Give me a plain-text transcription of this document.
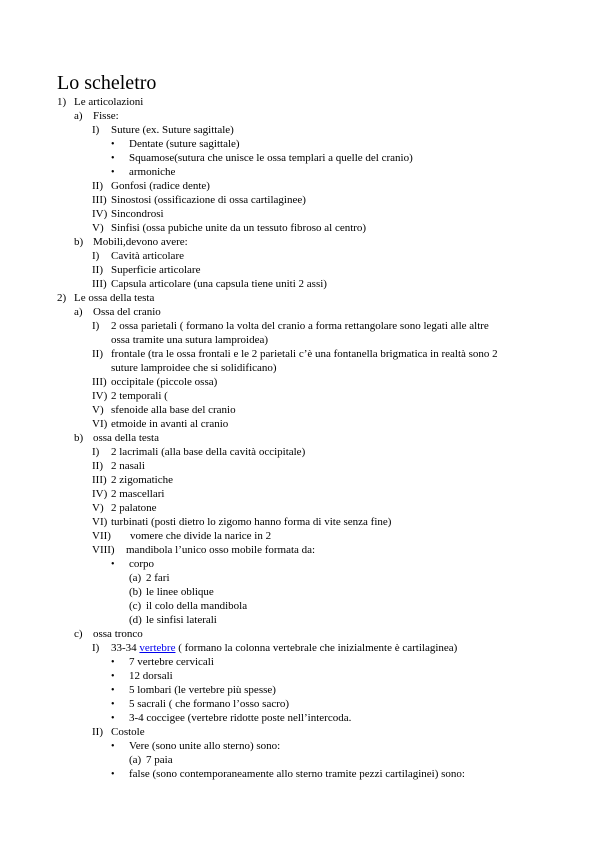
Lo scheletro
1) Le articolazioni
a) Fisse:
I) Suture (ex. Suture sagittale)
• Dentate (suture sagittale)
• Squamose(sutura che unisce le ossa templari a quelle del cranio)
• armoniche
II) Gonfosi (radice dente)
III) Sinostosi (ossificazione di ossa cartilaginee)
IV) Sincondrosi
V) Sinfisi (ossa pubiche unite da un tessuto fibroso al centro)
b) Mobili,devono avere:
I) Cavità articolare
II) Superficie articolare
III) Capsula articolare (una capsula tiene uniti 2 assi)
2) Le ossa della testa
a) Ossa del cranio
I) 2 ossa parietali ( formano la volta del cranio a forma rettangolare sono legati alle altre
ossa tramite una sutura lamproidea)
II) frontale (tra le ossa frontali e le 2 parietali c’è una fontanella brigmatica in realtà sono 2
suture lamproidee che si solidificano)
III) occipitale (piccole ossa)
IV) 2 temporali (
V) sfenoide alla base del cranio
VI) etmoide in avanti al cranio
b) ossa della testa
I) 2 lacrimali (alla base della cavità occipitale)
II) 2 nasali
III) 2 zigomatiche
IV) 2 mascellari
V) 2 palatone
VI) turbinati (posti dietro lo zigomo hanno forma di vite senza fine)
VII) vomere che divide la narice in 2
VIII) mandibola l’unico osso mobile formata da:
• corpo
(a) 2 fari
(b) le linee oblique
(c) il colo della mandibola
(d) le sinfisi laterali
c) ossa tronco
I) 33-34 vertebre ( formano la colonna vertebrale che inizialmente è cartilaginea)
• 7 vertebre cervicali
• 12 dorsali
• 5 lombari (le vertebre più spesse)
• 5 sacrali ( che formano l’osso sacro)
• 3-4 coccigee (vertebre ridotte poste nell’intercoda.
II) Costole
• Vere (sono unite allo sterno) sono:
(a) 7 paia
• false (sono contemporaneamente allo sterno tramite pezzi cartilaginei) sono:
